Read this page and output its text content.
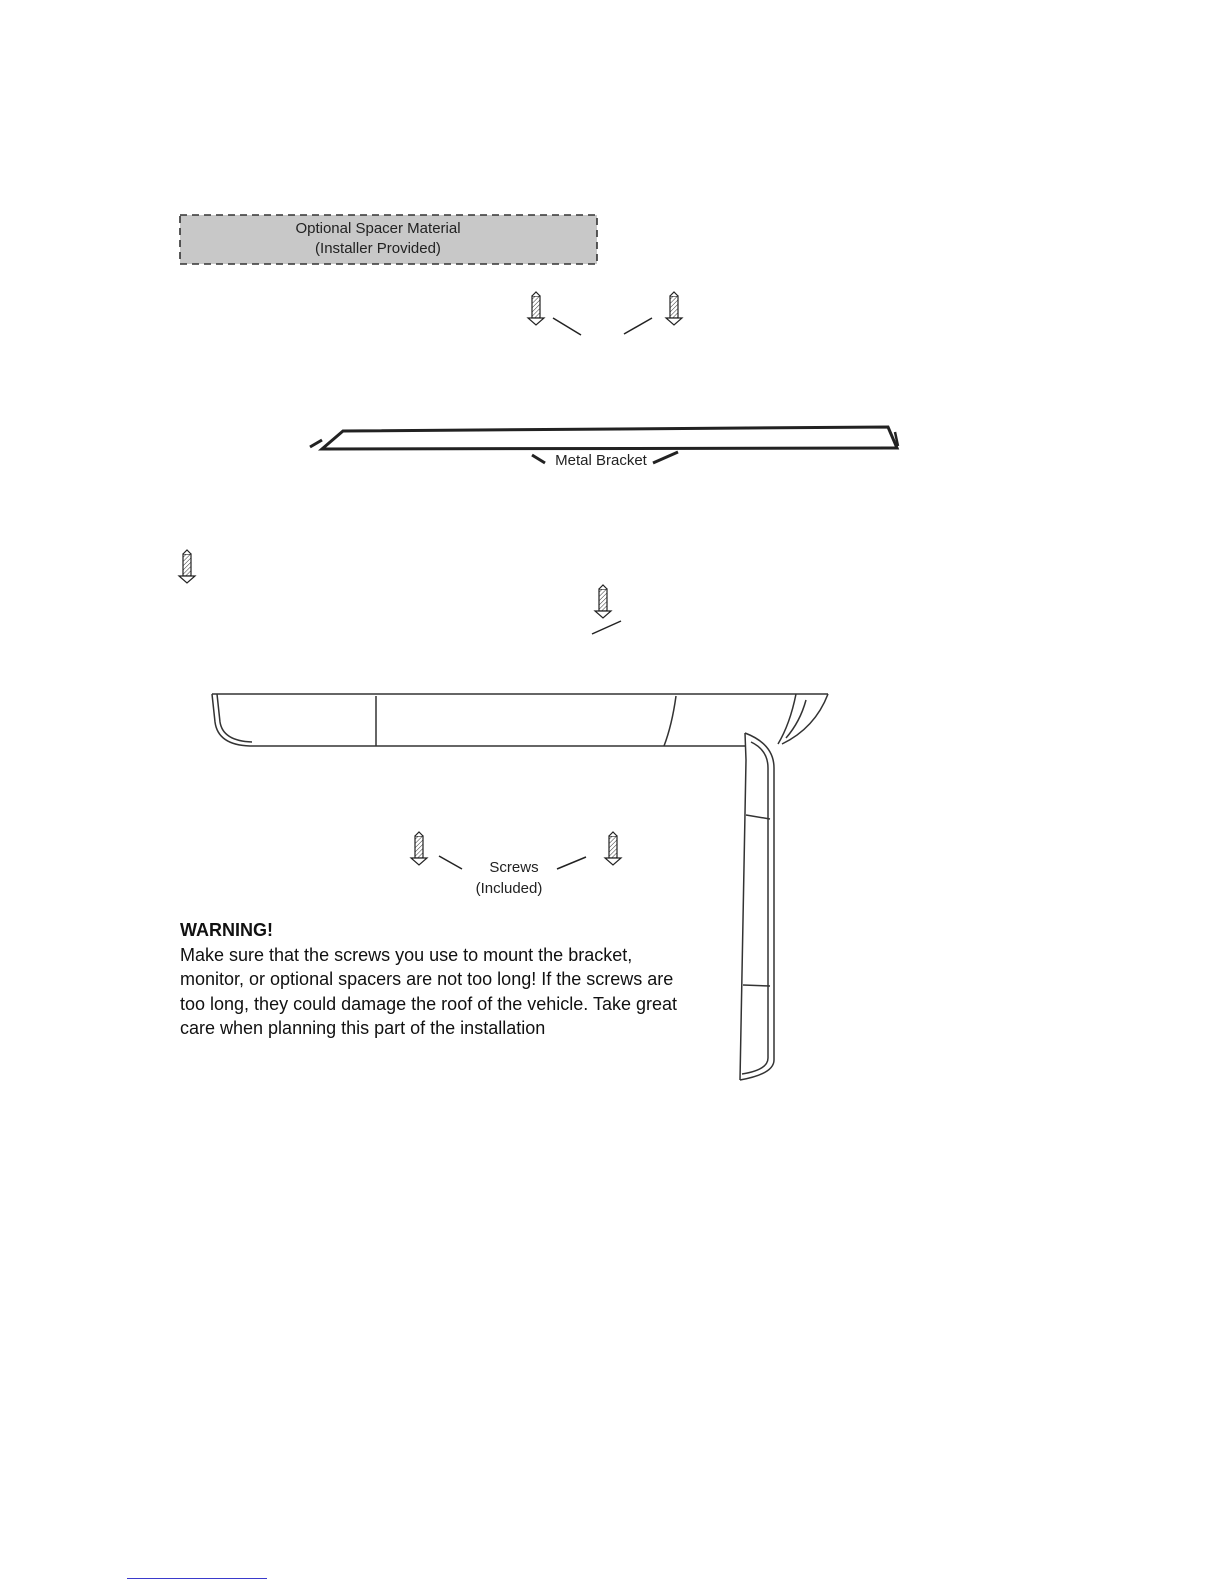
Optional Spacer Material
(Installer Provided)
Metal Bracket
Screws
(Included)
WARNING!
Make sure that the screws you use to mount the bracket, monitor, or optional spacers are not too long! If the screws are too long, they could damage the roof of the vehicle. Take great care when planning this part of the installation
